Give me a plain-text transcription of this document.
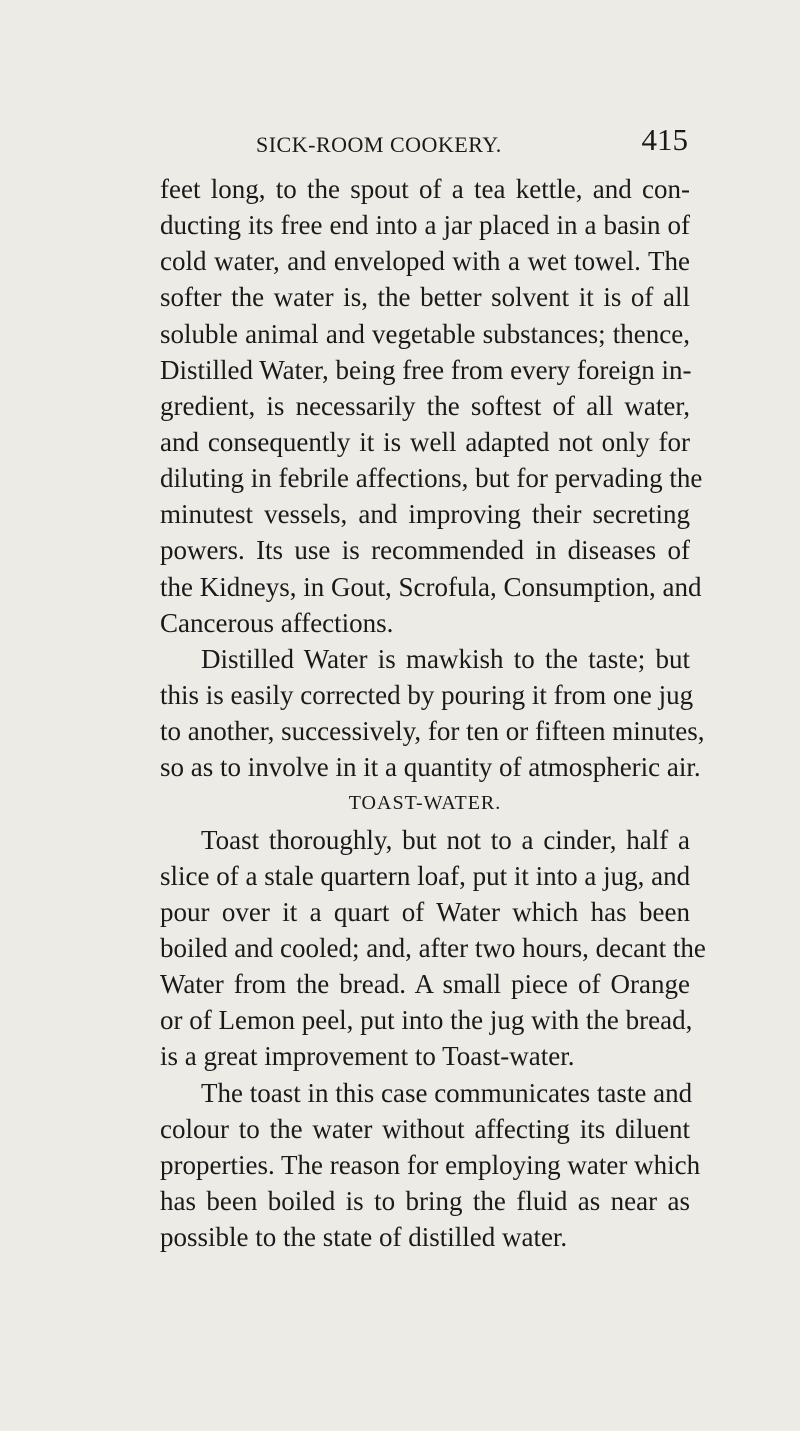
SICK-ROOM COOKERY.	415
feet long, to the spout of a tea kettle, and con-
ducting its free end into a jar placed in a basin of
cold water, and enveloped with a wet towel. The
softer the water is, the better solvent it is of all
soluble animal and vegetable substances; thence,
Distilled Water, being free from every foreign in-
gredient, is necessarily the softest of all water,
and consequently it is well adapted not only for
diluting in febrile affections, but for pervading the
minutest vessels, and improving their secreting
powers. Its use is recommended in diseases of
the Kidneys, in Gout, Scrofula, Consumption, and
Cancerous affections.
Distilled Water is mawkish to the taste; but
this is easily corrected by pouring it from one jug
to another, successively, for ten or fifteen minutes,
so as to involve in it a quantity of atmospheric air.
TOAST-WATER.
Toast thoroughly, but not to a cinder, half a
slice of a stale quartern loaf, put it into a jug, and
pour over it a quart of Water which has been
boiled and cooled; and, after two hours, decant the
Water from the bread. A small piece of Orange
or of Lemon peel, put into the jug with the bread,
is a great improvement to Toast-water.
The toast in this case communicates taste and
colour to the water without affecting its diluent
properties. The reason for employing water which
has been boiled is to bring the fluid as near as
possible to the state of distilled water.
